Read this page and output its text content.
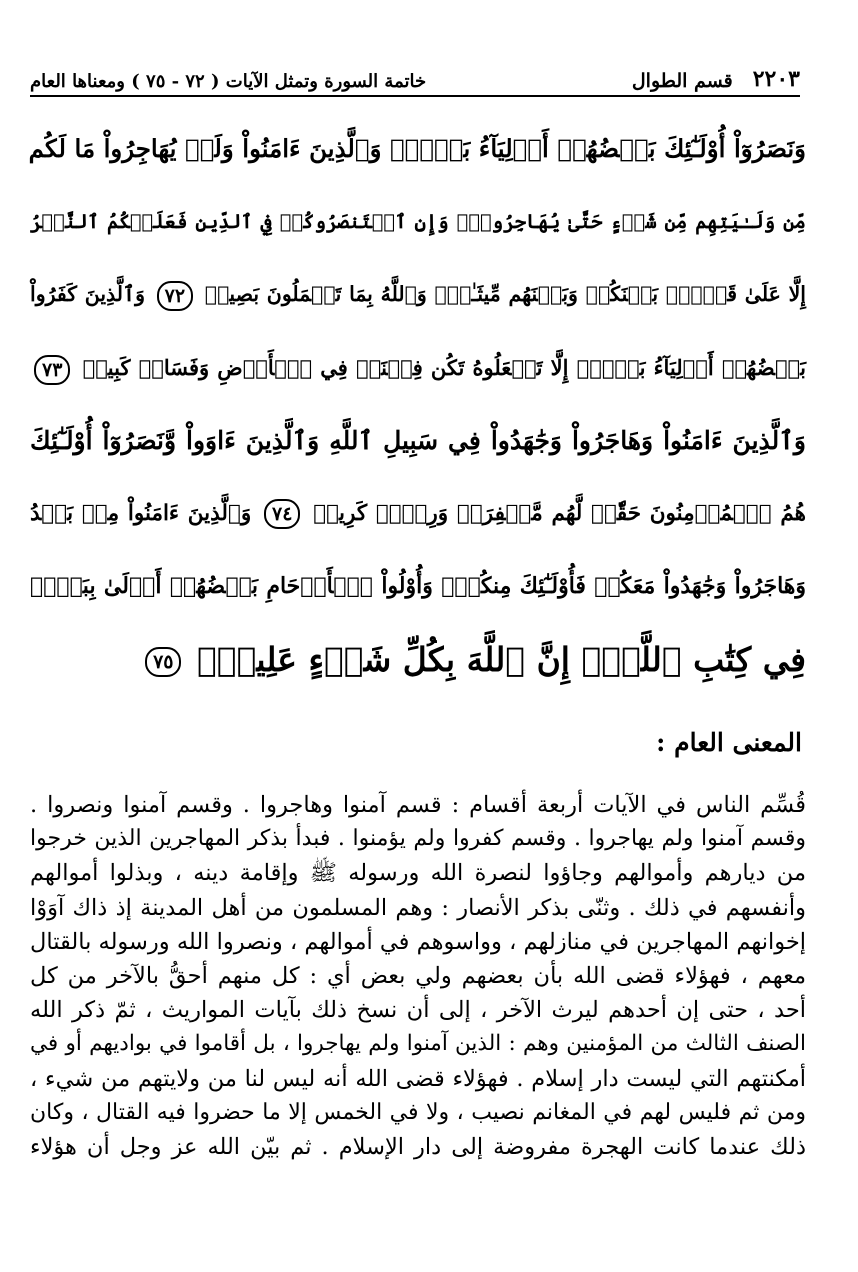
٢٢٠٣
قسم الطوال
خاتمة السورة وتمثل الآيات ( ٧٢ - ٧٥ ) ومعناها العام
وَنَصَرُوٓاْ أُوْلَـٰٓئِكَ بَعۡضُهُمۡ أَوۡلِيَآءُ بَعۡضٖۚ وَٱلَّذِينَ ءَامَنُواْ وَلَمۡ يُهَاجِرُواْ مَا لَكُم
مِّن وَلَـٰيَتِهِم مِّن شَيۡءٍ حَتَّىٰ يُهَاجِرُواْۚ وَإِنِ ٱسۡتَنصَرُوكُمۡ فِي ٱلدِّينِ فَعَلَيۡكُمُ ٱلنَّصۡرُ
إِلَّا عَلَىٰ قَوۡمِۭ بَيۡنَكُمۡ وَبَيۡنَهُم مِّيثَـٰقٞۗ وَٱللَّهُ بِمَا تَعۡمَلُونَ بَصِيرٞ ٧٢ وَٱلَّذِينَ كَفَرُواْ
بَعۡضُهُمۡ أَوۡلِيَآءُ بَعۡضٍۚ إِلَّا تَفۡعَلُوهُ تَكُن فِتۡنَةٞ فِي ٱلۡأَرۡضِ وَفَسَادٞ كَبِيرٞ ٧٣
وَٱلَّذِينَ ءَامَنُواْ وَهَاجَرُواْ وَجَٰهَدُواْ فِي سَبِيلِ ٱللَّهِ وَٱلَّذِينَ ءَاوَواْ وَّنَصَرُوٓاْ أُوْلَـٰٓئِكَ
هُمُ ٱلۡمُؤۡمِنُونَ حَقّٗاۚ لَّهُم مَّغۡفِرَةٞ وَرِزۡقٞ كَرِيمٞ ٧٤ وَٱلَّذِينَ ءَامَنُواْ مِنۢ بَعۡدُ
وَهَاجَرُواْ وَجَٰهَدُواْ مَعَكُمۡ فَأُوْلَـٰٓئِكَ مِنكُمۡۚ وَأُوْلُواْ ٱلۡأَرۡحَامِ بَعۡضُهُمۡ أَوۡلَىٰ بِبَعۡضٖ
فِي كِتَٰبِ ٱللَّهِۚ إِنَّ ٱللَّهَ بِكُلِّ شَيۡءٍ عَلِيمُۢ ٧٥
المعنى العام :
قُسِّم الناس في الآيات أربعة أقسام : قسم آمنوا وهاجروا . وقسم آمنوا ونصروا .
وقسم آمنوا ولم يهاجروا . وقسم كفروا ولم يؤمنوا . فبدأ بذكر المهاجرين الذين خرجوا
من ديارهم وأموالهم وجاؤوا لنصرة الله ورسوله ﷺ وإقامة دينه ، وبذلوا أموالهم
وأنفسهم في ذلك . وثنّى بذكر الأنصار : وهم المسلمون من أهل المدينة إذ ذاك آوَوْا
إخوانهم المهاجرين في منازلهم ، وواسوهم في أموالهم ، ونصروا الله ورسوله بالقتال
معهم ، فهؤلاء قضى الله بأن بعضهم ولي بعض أي : كل منهم أحقُّ بالآخر من كل
أحد ، حتى إن أحدهم ليرث الآخر ، إلى أن نسخ ذلك بآيات المواريث ، ثمّ ذكر الله
الصنف الثالث من المؤمنين وهم : الذين آمنوا ولم يهاجروا ، بل أقاموا في بواديهم أو في
أمكنتهم التي ليست دار إسلام . فهؤلاء قضى الله أنه ليس لنا من ولايتهم من شيء ،
ومن ثم فليس لهم في المغانم نصيب ، ولا في الخمس إلا ما حضروا فيه القتال ، وكان
ذلك عندما كانت الهجرة مفروضة إلى دار الإسلام . ثم بيّن الله عز وجل أن هؤلاء
